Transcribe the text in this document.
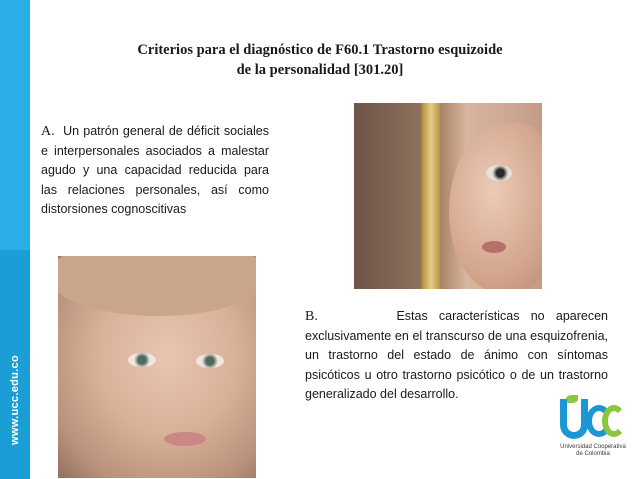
www.ucc.edu.co
Criterios para el diagnóstico de F60.1 Trastorno esquizoide
de la personalidad [301.20]
A. Un patrón general de déficit sociales e interpersonales asociados a malestar agudo y una capacidad reducida para las relaciones personales, así como distorsiones cognoscitivas
B.	Estas características no aparecen exclusivamente en el transcurso de una esquizofrenia, un trastorno del estado de ánimo con síntomas psicóticos u otro trastorno psicótico o de un trastorno generalizado del desarrollo.
Universidad Cooperativa
de Colombia
